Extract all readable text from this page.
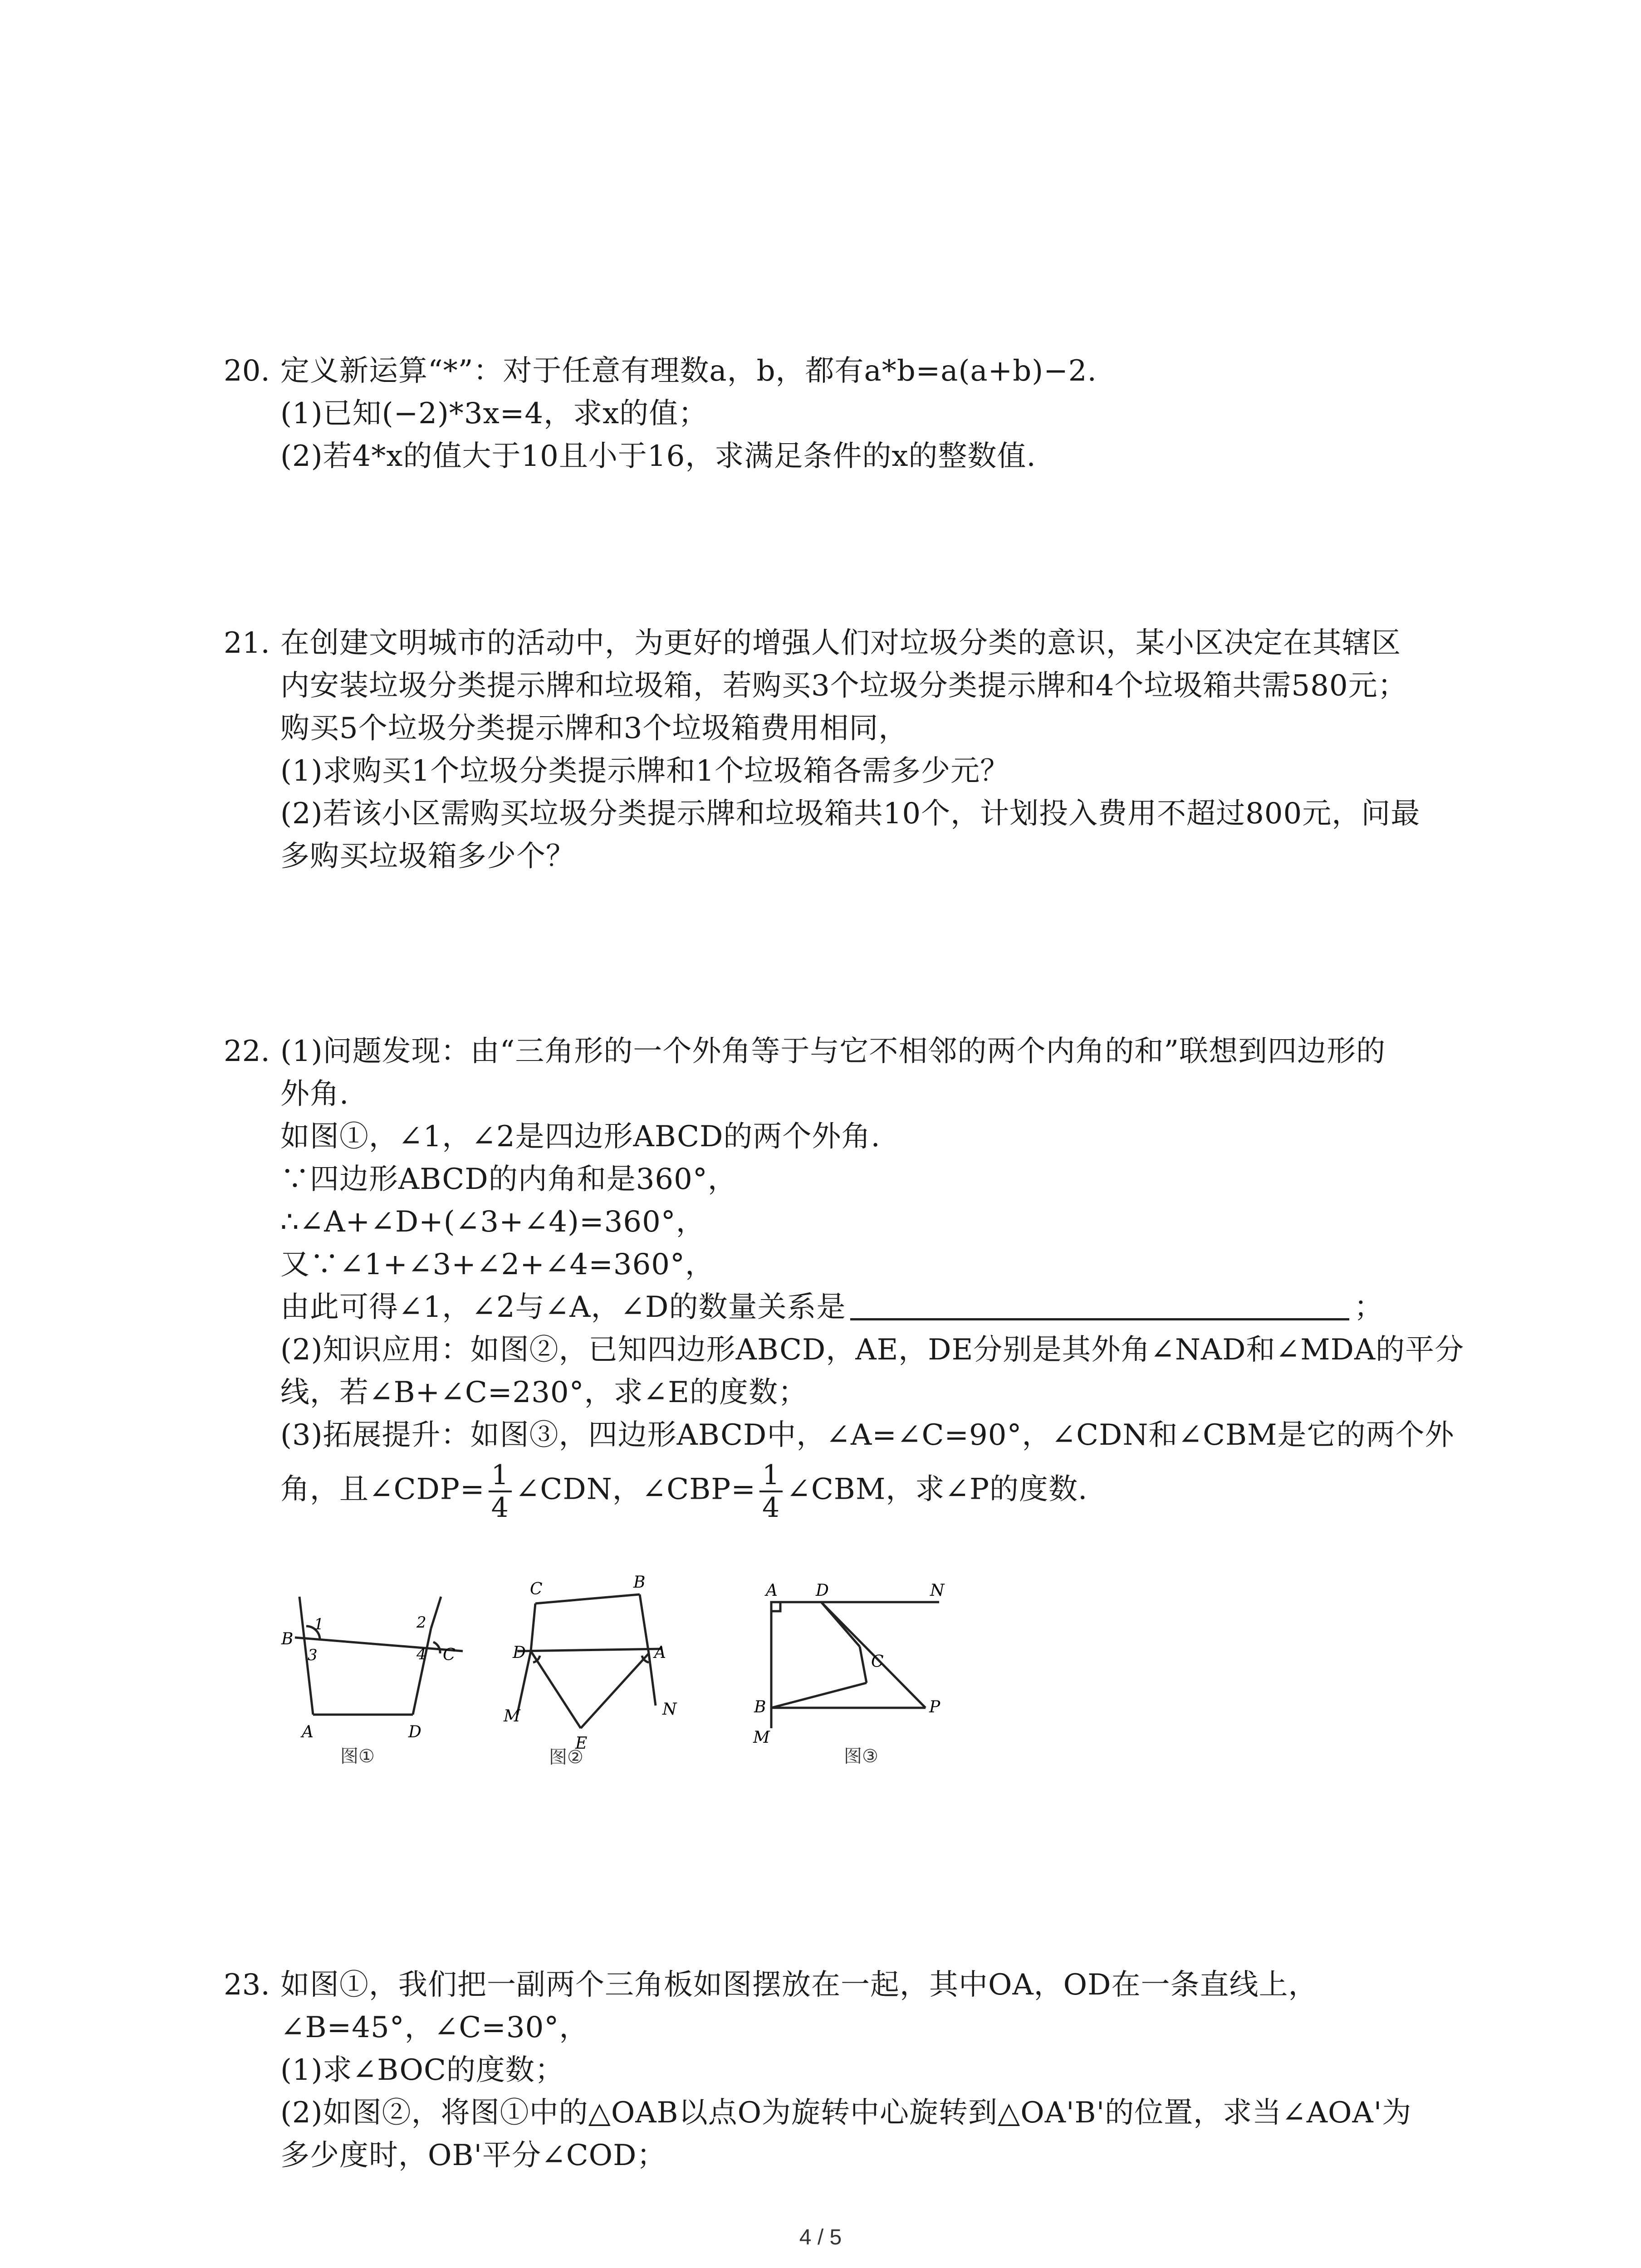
20. 定义新运算“*”：对于任意有理数a，b，都有a*b=a(a+b)−2.
(1)已知(−2)*3x=4，求x的值；
(2)若4*x的值大于10且小于16，求满足条件的x的整数值.
21. 在创建文明城市的活动中，为更好的增强人们对垃圾分类的意识，某小区决定在其辖区
内安装垃圾分类提示牌和垃圾箱，若购买3个垃圾分类提示牌和4个垃圾箱共需580元；
购买5个垃圾分类提示牌和3个垃圾箱费用相同，
(1)求购买1个垃圾分类提示牌和1个垃圾箱各需多少元？
(2)若该小区需购买垃圾分类提示牌和垃圾箱共10个，计划投入费用不超过800元，问最
多购买垃圾箱多少个？
22. (1)问题发现：由“三角形的一个外角等于与它不相邻的两个内角的和”联想到四边形的
外角.
如图①，∠1，∠2是四边形ABCD的两个外角.
∵四边形ABCD的内角和是360°，
∴∠A+∠D+(∠3+∠4)=360°，
又∵∠1+∠3+∠2+∠4=360°，
由此可得∠1，∠2与∠A，∠D的数量关系是	；
(2)知识应用：如图②，已知四边形ABCD，AE，DE分别是其外角∠NAD和∠MDA的平分
线，若∠B+∠C=230°，求∠E的度数；
(3)拓展提升：如图③，四边形ABCD中，∠A=∠C=90°，∠CDN和∠CBM是它的两个外
角，且∠CDP= $\frac{1}{4}$ ∠CDN，∠CBP= $\frac{1}{4}$ ∠CBM，求∠P的度数.
1
3
B
2
4 C
A	D
图①
C	B
D	A
M	N
E
图②
A D	N
C
B	P
M
图③
23. 如图①，我们把一副两个三角板如图摆放在一起，其中OA，OD在一条直线上，
∠B=45°，∠C=30°，
(1)求∠BOC的度数；
(2)如图②，将图①中的△OAB以点O为旋转中心旋转到△OA'B'的位置，求当∠AOA'为
多少度时，OB'平分∠COD；
4 / 5
